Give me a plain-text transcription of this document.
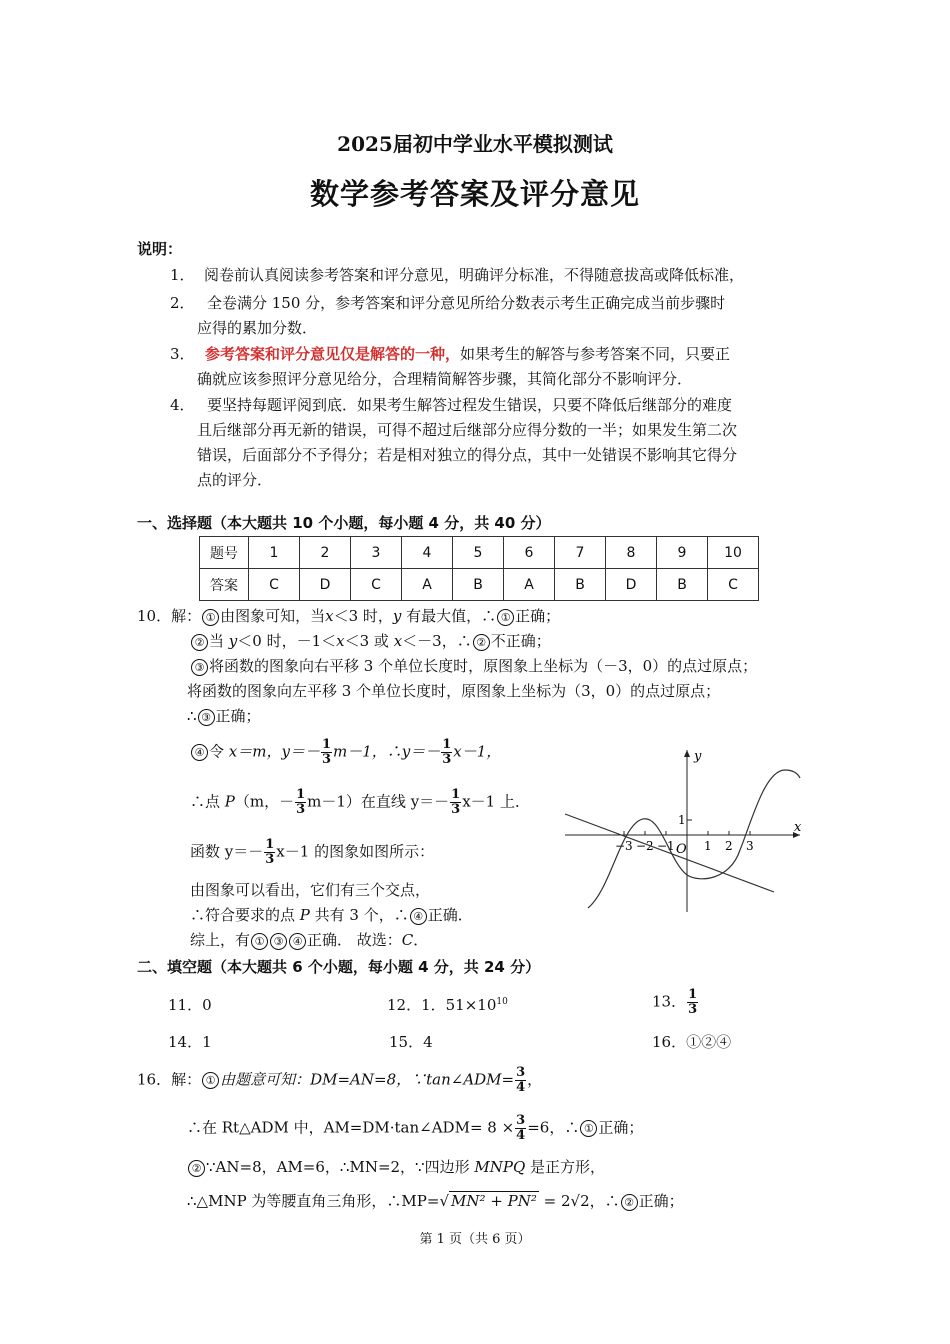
2025届初中学业水平模拟测试
数学参考答案及评分意见
说明：
1． 阅卷前认真阅读参考答案和评分意见，明确评分标准，不得随意拔高或降低标准，
2． 全卷满分 150 分，参考答案和评分意见所给分数表示考生正确完成当前步骤时
应得的累加分数．
3． 参考答案和评分意见仅是解答的一种，如果考生的解答与参考答案不同，只要正
确就应该参照评分意见给分，合理精简解答步骤，其简化部分不影响评分．
4． 要坚持每题评阅到底．如果考生解答过程发生错误，只要不降低后继部分的难度
且后继部分再无新的错误，可得不超过后继部分应得分数的一半；如果发生第二次
错误，后面部分不予得分；若是相对独立的得分点，其中一处错误不影响其它得分
点的评分．
一、选择题（本大题共 10 个小题，每小题 4 分，共 40 分）
题号	1	2	3	4	5	6	7	8	9	10
答案	C	D	C	A	B	A	B	D	B	C
10．解： ① 由图象可知，当x＜3 时，y 有最大值，∴ ① 正确；
② 当 y＜0 时，－1＜x＜3 或 x＜－3，∴ ② 不正确；
③ 将函数的图象向右平移 3 个单位长度时，原图象上坐标为（－3，0）的点过原点；
将函数的图象向左平移 3 个单位长度时，原图象上坐标为（3，0）的点过原点；
∴ ③ 正确；
④ 令 x＝m，$y=- \frac{1}{3} m-1$，∴y＝－ $\frac{1}{3} x-1$，
∴点 P（m，－ $\frac{1}{3} m-1$）在直线 $y=- \frac{1}{3} x-1$ 上．
函数 $y=- \frac{1}{3} x-1$ 的图象如图所示：
由图象可以看出，它们有三个交点，
∴符合要求的点 P 共有 3 个，∴ ④ 正确．
综上，有 ① ③ ④ 正确． 故选：C．
y
x
O
1
−3 −2 −1 1 2 3
二、填空题（本大题共 6 个小题，每小题 4 分，共 24 分）
11．0	12．1．$51\times 10^{10}$	13． $\frac{1}{3}$
14．1	15．4	16．①②④
16．解： ① 由题意可知：DM=AN=8，∵tan∠ADM= $\frac{3}{4}$ ，
∴在 Rt△ADM 中，AM=DM·tan∠ADM= $8 \times \frac{3}{4} =6$，∴ ① 正确；
② ∵AN=8，AM=6，∴MN=2，∵四边形 MNPQ 是正方形，
∴△MNP 为等腰直角三角形，∴MP=√ MN² + PN² = 2√2，∴ ② 正确；
第 1 页（共 6 页）
